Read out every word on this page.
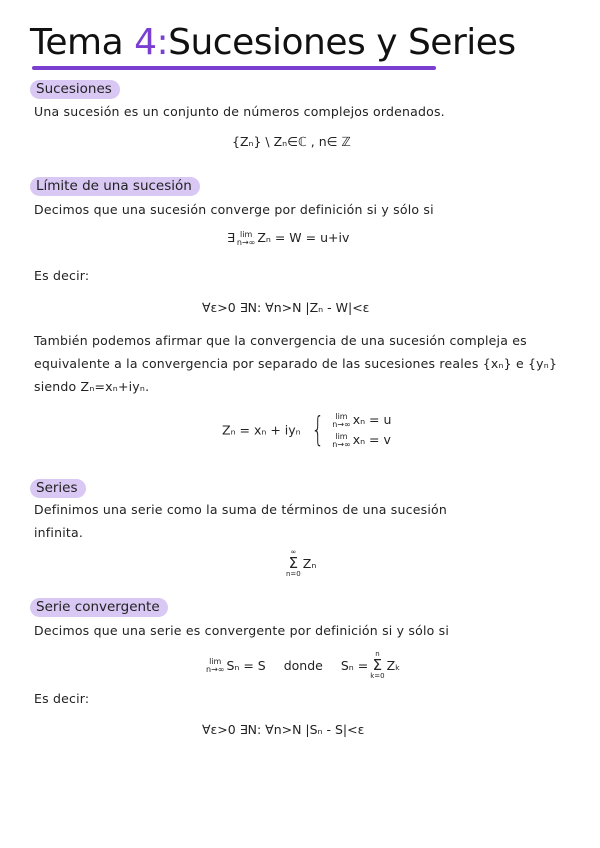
Tema 4:Sucesiones y Series
Sucesiones
Una sucesión es un conjunto de números complejos ordenados.
{Zₙ} \ Zₙ∈ℂ , n∈ ℤ
Límite de una sucesión
Decimos que una sucesión converge por definición si y sólo si
∃ lim
n→∞ Zₙ = W = u+iv
Es decir:
∀ε>0 ∃N: ∀n>N |Zₙ - W|<ε
También podemos afirmar que la convergencia de una sucesión compleja es
equivalente a la convergencia por separado de las sucesiones reales {xₙ} e {yₙ}
siendo Zₙ=xₙ+iyₙ.
Zₙ = xₙ + iyₙ {	lim
n→∞ xₙ = u
lim
n→∞ xₙ = v
Series
Definimos una serie como la suma de términos de una sucesión
infinita.
∞
Σ
n=0
Zₙ
Serie convergente
Decimos que una serie es convergente por definición si y sólo si
lim
n→∞ Sₙ = S donde Sₙ =
n
Σ
k=0
Zₖ
Es decir:
∀ε>0 ∃N: ∀n>N |Sₙ - S|<ε
